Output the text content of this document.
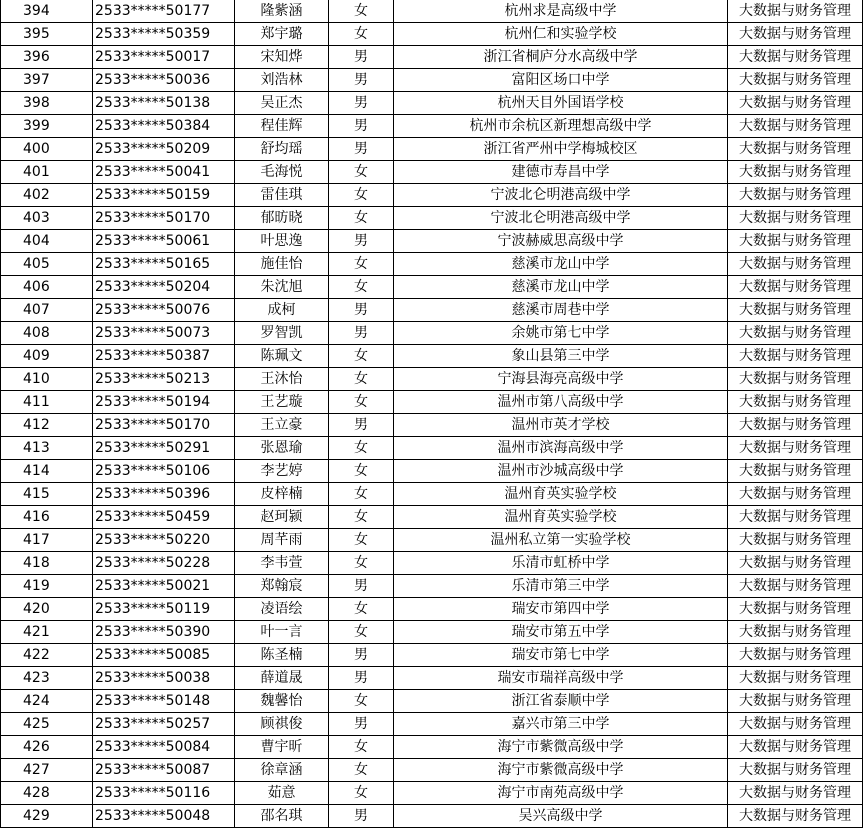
394	2533*****50177	隆紫涵	女	杭州求是高级中学	大数据与财务管理
395	2533*****50359	郑宇璐	女	杭州仁和实验学校	大数据与财务管理
396	2533*****50017	宋知烨	男	浙江省桐庐分水高级中学	大数据与财务管理
397	2533*****50036	刘浩林	男	富阳区场口中学	大数据与财务管理
398	2533*****50138	吴正杰	男	杭州天目外国语学校	大数据与财务管理
399	2533*****50384	程佳辉	男	杭州市余杭区新理想高级中学	大数据与财务管理
400	2533*****50209	舒均瑶	男	浙江省严州中学梅城校区	大数据与财务管理
401	2533*****50041	毛海悦	女	建德市寿昌中学	大数据与财务管理
402	2533*****50159	雷佳琪	女	宁波北仑明港高级中学	大数据与财务管理
403	2533*****50170	郁昉晓	女	宁波北仑明港高级中学	大数据与财务管理
404	2533*****50061	叶思逸	男	宁波赫威思高级中学	大数据与财务管理
405	2533*****50165	施佳怡	女	慈溪市龙山中学	大数据与财务管理
406	2533*****50204	朱沈旭	女	慈溪市龙山中学	大数据与财务管理
407	2533*****50076	成柯	男	慈溪市周巷中学	大数据与财务管理
408	2533*****50073	罗智凯	男	余姚市第七中学	大数据与财务管理
409	2533*****50387	陈珮文	女	象山县第三中学	大数据与财务管理
410	2533*****50213	王沐怡	女	宁海县海亮高级中学	大数据与财务管理
411	2533*****50194	王艺璇	女	温州市第八高级中学	大数据与财务管理
412	2533*****50170	王立豪	男	温州市英才学校	大数据与财务管理
413	2533*****50291	张恩瑜	女	温州市滨海高级中学	大数据与财务管理
414	2533*****50106	李艺婷	女	温州市沙城高级中学	大数据与财务管理
415	2533*****50396	皮梓楠	女	温州育英实验学校	大数据与财务管理
416	2533*****50459	赵珂颍	女	温州育英实验学校	大数据与财务管理
417	2533*****50220	周芊雨	女	温州私立第一实验学校	大数据与财务管理
418	2533*****50228	李韦萱	女	乐清市虹桥中学	大数据与财务管理
419	2533*****50021	郑翰宸	男	乐清市第三中学	大数据与财务管理
420	2533*****50119	凌语绘	女	瑞安市第四中学	大数据与财务管理
421	2533*****50390	叶一言	女	瑞安市第五中学	大数据与财务管理
422	2533*****50085	陈圣楠	男	瑞安市第七中学	大数据与财务管理
423	2533*****50038	薛道晟	男	瑞安市瑞祥高级中学	大数据与财务管理
424	2533*****50148	魏馨怡	女	浙江省泰顺中学	大数据与财务管理
425	2533*****50257	顾祺俊	男	嘉兴市第三中学	大数据与财务管理
426	2533*****50084	曹宇昕	女	海宁市紫微高级中学	大数据与财务管理
427	2533*****50087	徐章涵	女	海宁市紫微高级中学	大数据与财务管理
428	2533*****50116	茹意	女	海宁市南苑高级中学	大数据与财务管理
429	2533*****50048	邵名琪	男	吴兴高级中学	大数据与财务管理
